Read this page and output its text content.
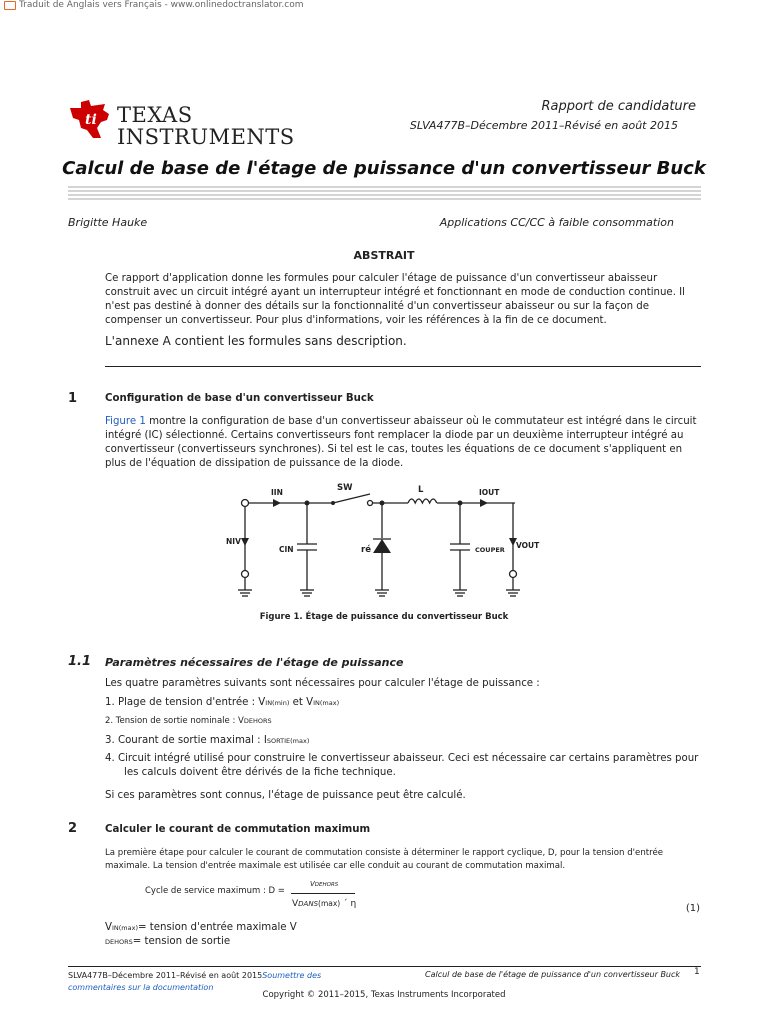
Traduit de Anglais vers Français - www.onlinedoctranslator.com
ti TEXAS
INSTRUMENTS
Rapport de candidature
SLVA477B–Décembre 2011–Révisé en août 2015
Calcul de base de l'étage de puissance d'un convertisseur Buck
Brigitte Hauke	Applications CC/CC à faible consommation
ABSTRAIT
Ce rapport d'application donne les formules pour calculer l'étage de puissance d'un convertisseur abaisseur construit avec un circuit intégré ayant un interrupteur intégré et fonctionnant en mode de conduction continue. Il n'est pas destiné à donner des détails sur la fonctionnalité d'un convertisseur abaisseur ou sur la façon de compenser un convertisseur. Pour plus d'informations, voir les références à la fin de ce document.
L'annexe A contient les formules sans description.
1	Configuration de base d'un convertisseur Buck
Figure 1 montre la configuration de base d'un convertisseur abaisseur où le commutateur est intégré dans le circuit intégré (IC) sélectionné. Certains convertisseurs font remplacer la diode par un deuxième interrupteur intégré au convertisseur (convertisseurs synchrones). Si tel est le cas, toutes les équations de ce document s'appliquent en plus de l'équation de dissipation de puissance de la diode.
IIN	SW	L	IOUT
NIV
CIN	ré	COUPER VOUT
Figure 1. Étage de puissance du convertisseur Buck
1.1 Paramètres nécessaires de l'étage de puissance
Les quatre paramètres suivants sont nécessaires pour calculer l'étage de puissance :
1. Plage de tension d'entrée : VIN(min) et VIN(max)
2. Tension de sortie nominale : VDEHORS
3. Courant de sortie maximal : ISORTIE(max)
4. Circuit intégré utilisé pour construire le convertisseur abaisseur. Ceci est nécessaire car certains paramètres pour
les calculs doivent être dérivés de la fiche technique.
Si ces paramètres sont connus, l'étage de puissance peut être calculé.
2	Calculer le courant de commutation maximum
La première étape pour calculer le courant de commutation consiste à déterminer le rapport cyclique, D, pour la tension d'entrée maximale. La tension d'entrée maximale est utilisée car elle conduit au courant de commutation maximal.
Cycle de service maximum : D =
VDEHORS
VDANS(max) ´ η	(1)
VIN(max)= tension d'entrée maximale V
DEHORS= tension de sortie
SLVA477B–Décembre 2011–Révisé en août 2015Soumettre des
commentaires sur la documentation
Calcul de base de l'étage de puissance d'un convertisseur Buck 1
Copyright © 2011–2015, Texas Instruments Incorporated
